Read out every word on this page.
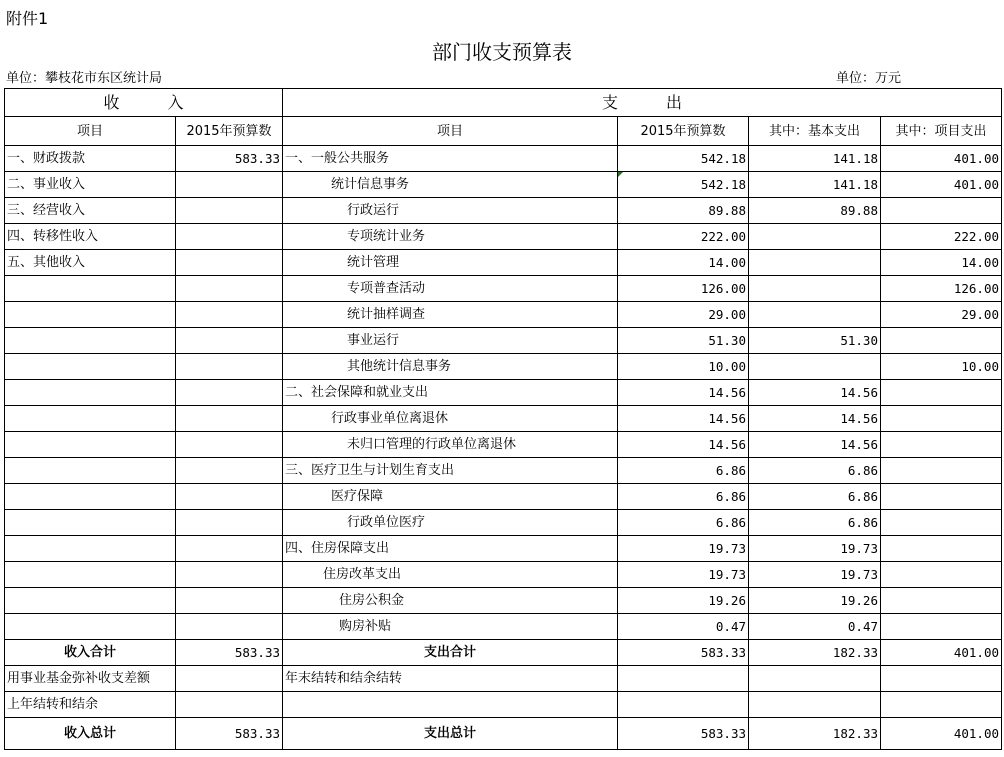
附件1
部门收支预算表
单位：攀枝花市东区统计局	单位：万元
收　　　入		支　　　出			
项目	2015年预算数	项目	2015年预算数	其中：基本支出	其中：项目支出
一、财政拨款	583.33	一、一般公共服务	542.18	141.18	401.00
二、事业收入		统计信息事务	542.18	141.18	401.00
三、经营收入		行政运行	89.88	89.88	
四、转移性收入		专项统计业务	222.00		222.00
五、其他收入		统计管理	14.00		14.00
		专项普查活动	126.00		126.00
		统计抽样调查	29.00		29.00
		事业运行	51.30	51.30	
		其他统计信息事务	10.00		10.00
		二、社会保障和就业支出	14.56	14.56	
		行政事业单位离退休	14.56	14.56	
		未归口管理的行政单位离退休	14.56	14.56	
		三、医疗卫生与计划生育支出	6.86	6.86	
		医疗保障	6.86	6.86	
		行政单位医疗	6.86	6.86	
		四、住房保障支出	19.73	19.73	
		住房改革支出	19.73	19.73	
		住房公积金	19.26	19.26	
		购房补贴	0.47	0.47	
收入合计	583.33	支出合计	583.33	182.33	401.00
用事业基金弥补收支差额		年末结转和结余结转			
上年结转和结余					
收入总计	583.33	支出总计	583.33	182.33	401.00
